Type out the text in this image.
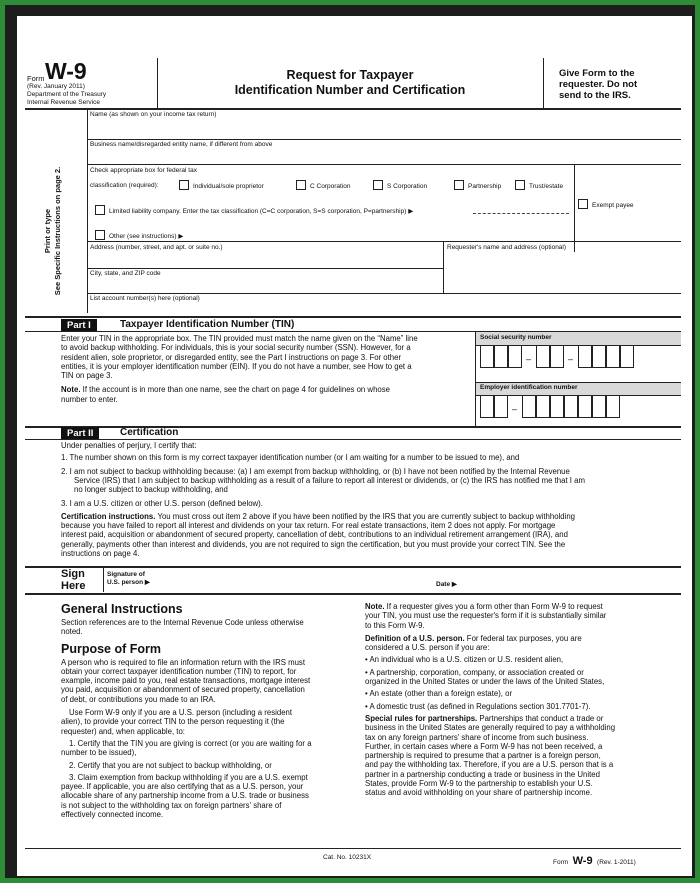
Form W-9
(Rev. January 2011)
Department of the Treasury
Internal Revenue Service
Request for Taxpayer
Identification Number and Certification
Give Form to the
requester. Do not
send to the IRS.
Print or type See Specific Instructions on page 2.
Name (as shown on your income tax return)
Business name/disregarded entity name, if different from above
Check appropriate box for federal tax
classification (required):	Individual/sole proprietor	C Corporation	S Corporation	Partnership	Trust/estate
Exempt payee
Limited liability company. Enter the tax classification (C=C corporation, S=S corporation, P=partnership) ▶
Other (see instructions) ▶
Address (number, street, and apt. or suite no.)	Requester's name and address (optional)
City, state, and ZIP code
List account number(s) here (optional)
Part I	Taxpayer Identification Number (TIN)
Enter your TIN in the appropriate box. The TIN provided must match the name given on the “Name” line
to avoid backup withholding. For individuals, this is your social security number (SSN). However, for a
resident alien, sole proprietor, or disregarded entity, see the Part I instructions on page 3. For other
entities, it is your employer identification number (EIN). If you do not have a number, see How to get a
TIN on page 3.
Note. If the account is in more than one name, see the chart on page 4 for guidelines on whose
number to enter.
Social security number
–	–
Employer identification number
–
Part II	Certification
Under penalties of perjury, I certify that:
1. The number shown on this form is my correct taxpayer identification number (or I am waiting for a number to be issued to me), and
2. I am not subject to backup withholding because: (a) I am exempt from backup withholding, or (b) I have not been notified by the Internal Revenue
Service (IRS) that I am subject to backup withholding as a result of a failure to report all interest or dividends, or (c) the IRS has notified me that I am
no longer subject to backup withholding, and
3. I am a U.S. citizen or other U.S. person (defined below).
Certification instructions. You must cross out item 2 above if you have been notified by the IRS that you are currently subject to backup withholding
because you have failed to report all interest and dividends on your tax return. For real estate transactions, item 2 does not apply. For mortgage
interest paid, acquisition or abandonment of secured property, cancellation of debt, contributions to an individual retirement arrangement (IRA), and
generally, payments other than interest and dividends, you are not required to sign the certification, but you must provide your correct TIN. See the
instructions on page 4.
Sign
Here
Signature of
U.S. person ▶	Date ▶
General Instructions
Section references are to the Internal Revenue Code unless otherwise
noted.
Purpose of Form
A person who is required to file an information return with the IRS must
obtain your correct taxpayer identification number (TIN) to report, for
example, income paid to you, real estate transactions, mortgage interest
you paid, acquisition or abandonment of secured property, cancellation
of debt, or contributions you made to an IRA.
Use Form W-9 only if you are a U.S. person (including a resident
alien), to provide your correct TIN to the person requesting it (the
requester) and, when applicable, to:
1. Certify that the TIN you are giving is correct (or you are waiting for a
number to be issued),
2. Certify that you are not subject to backup withholding, or
3. Claim exemption from backup withholding if you are a U.S. exempt
payee. If applicable, you are also certifying that as a U.S. person, your
allocable share of any partnership income from a U.S. trade or business
is not subject to the withholding tax on foreign partners' share of
effectively connected income.
Note. If a requester gives you a form other than Form W-9 to request
your TIN, you must use the requester's form if it is substantially similar
to this Form W-9.
Definition of a U.S. person. For federal tax purposes, you are
considered a U.S. person if you are:
• An individual who is a U.S. citizen or U.S. resident alien,
• A partnership, corporation, company, or association created or
organized in the United States or under the laws of the United States,
• An estate (other than a foreign estate), or
• A domestic trust (as defined in Regulations section 301.7701-7).
Special rules for partnerships. Partnerships that conduct a trade or
business in the United States are generally required to pay a withholding
tax on any foreign partners' share of income from such business.
Further, in certain cases where a Form W-9 has not been received, a
partnership is required to presume that a partner is a foreign person,
and pay the withholding tax. Therefore, if you are a U.S. person that is a
partner in a partnership conducting a trade or business in the United
States, provide Form W-9 to the partnership to establish your U.S.
status and avoid withholding on your share of partnership income.
Cat. No. 10231X
Form W-9 (Rev. 1-2011)
